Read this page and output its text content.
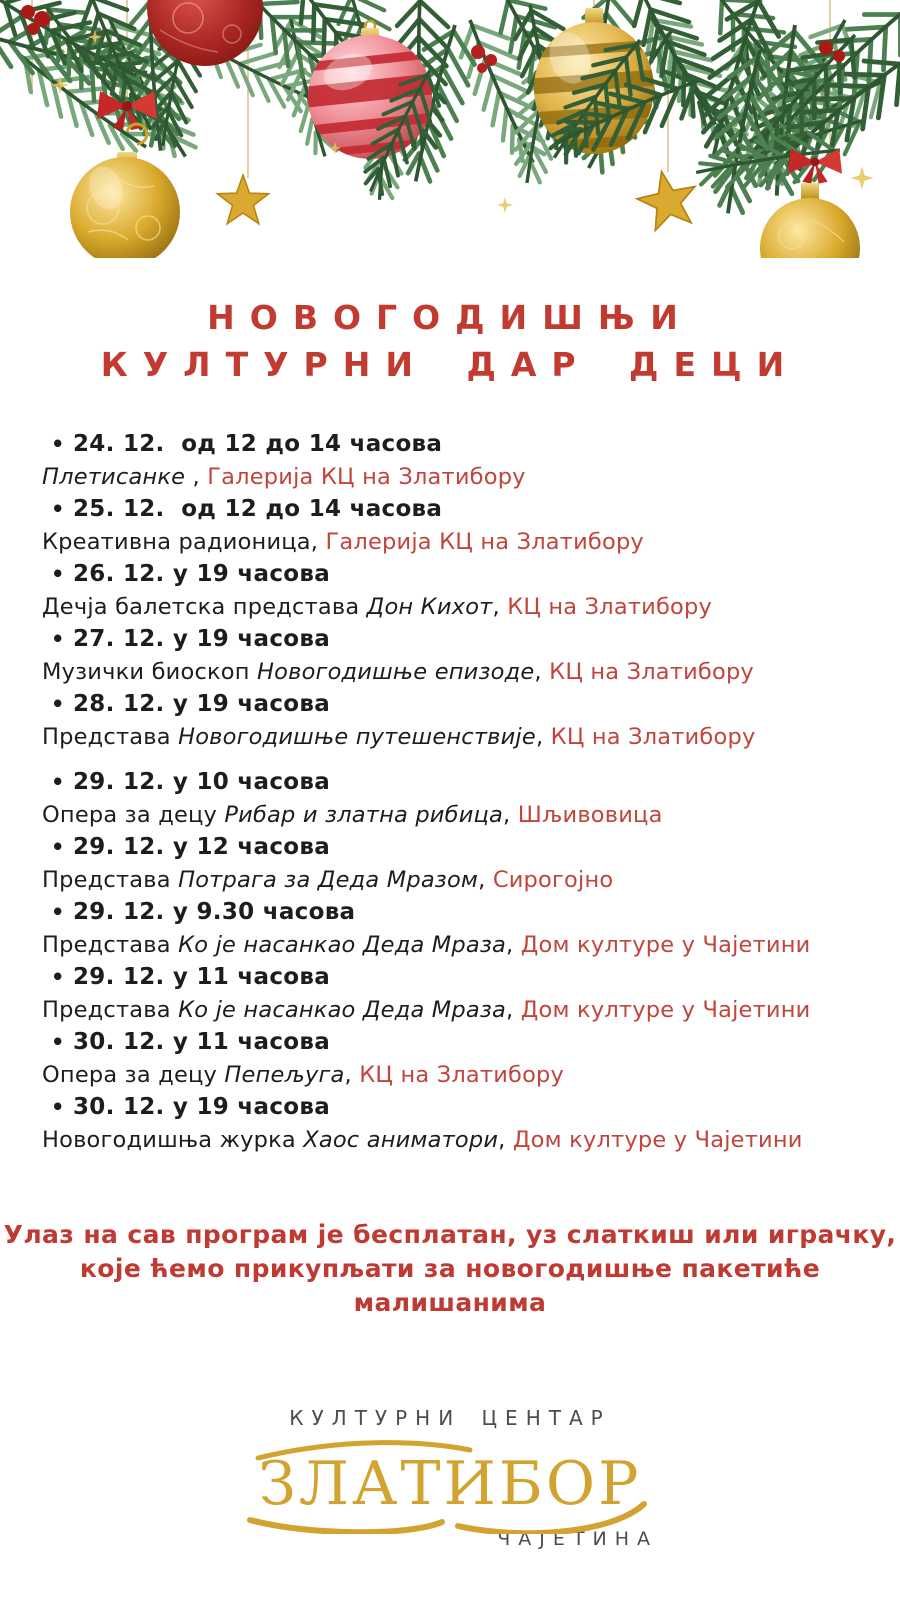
НОВОГОДИШЊИ
КУЛТУРНИ ДАР ДЕЦИ
• 24. 12.  од 12 до 14 часова
Плетисанке , Галерија КЦ на Златибору
• 25. 12.  од 12 до 14 часова
Креативна радионица, Галерија КЦ на Златибору
• 26. 12. у 19 часова
Дечја балетска представа Дон Кихот, КЦ на Златибору
• 27. 12. у 19 часова
Музички биоскоп Новогодишње епизоде, КЦ на Златибору
• 28. 12. у 19 часова
Представа Новогодишње путешенствије, КЦ на Златибору
• 29. 12. у 10 часова
Опера за децу Рибар и златна рибица, Шљивовица
• 29. 12. у 12 часова
Представа Потрага за Деда Мразом, Сирогојно
• 29. 12. у 9.30 часова
Представа Ко је насанкао Деда Мраза, Дом културе у Чајетини
• 29. 12. у 11 часова
Представа Ко је насанкао Деда Мраза, Дом културе у Чајетини
• 30. 12. у 11 часова
Опера за децу Пепељуга, КЦ на Златибору
• 30. 12. у 19 часова
Новогодишња журка Хаос аниматори, Дом културе у Чајетини
Улаз на сав програм је бесплатан, уз слаткиш или играчку,
које ћемо прикупљати за новогодишње пакетиће малишанима
КУЛТУРНИ ЦЕНТАР
ЗЛАТИБОР
ЧАЈЕТИНА
